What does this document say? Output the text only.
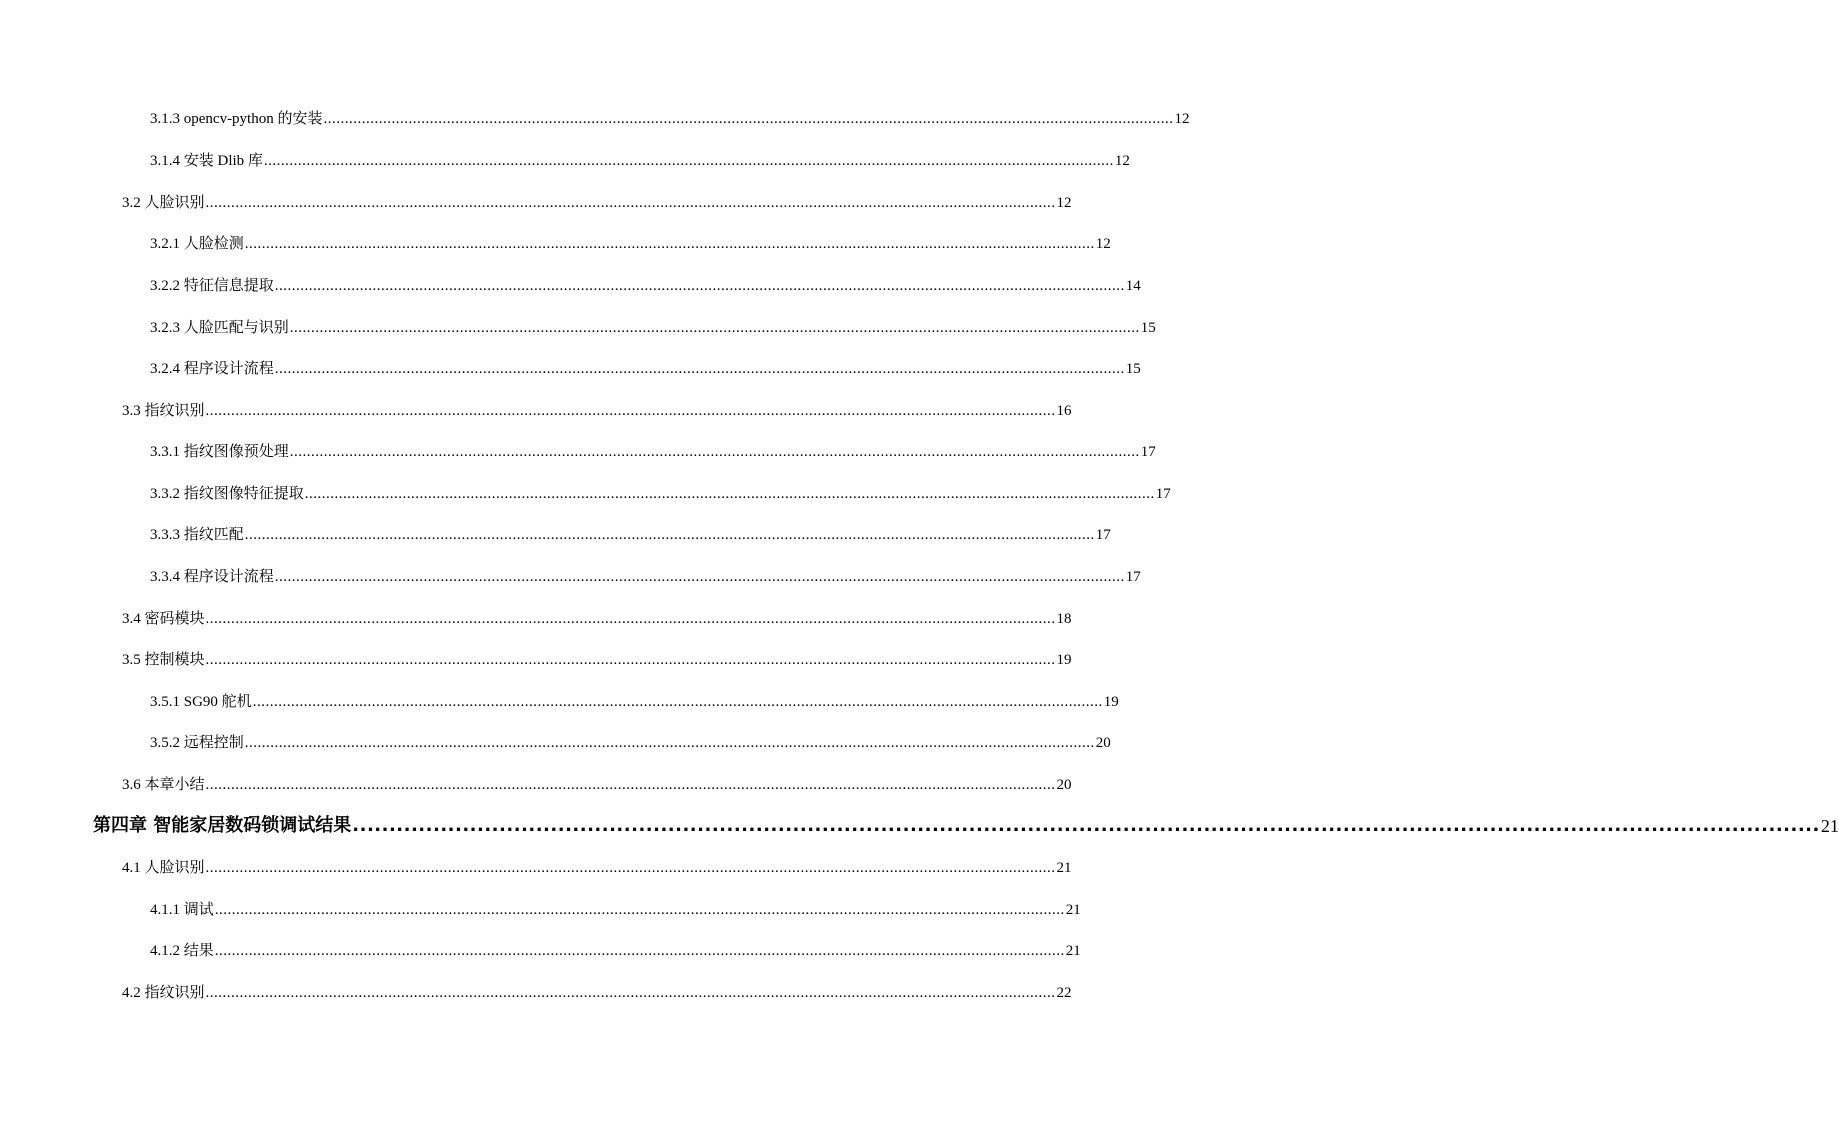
3.1.3 opencv-python 的安装 ........................................................................................................................................................................................................ 12
3.1.4 安装 Dlib 库 ........................................................................................................................................................................................................ 12
3.2 人脸识别 ........................................................................................................................................................................................................ 12
3.2.1 人脸检测 ........................................................................................................................................................................................................ 12
3.2.2 特征信息提取 ........................................................................................................................................................................................................ 14
3.2.3 人脸匹配与识别 ........................................................................................................................................................................................................ 15
3.2.4 程序设计流程 ........................................................................................................................................................................................................ 15
3.3 指纹识别 ........................................................................................................................................................................................................ 16
3.3.1 指纹图像预处理 ........................................................................................................................................................................................................ 17
3.3.2 指纹图像特征提取 ........................................................................................................................................................................................................ 17
3.3.3 指纹匹配 ........................................................................................................................................................................................................ 17
3.3.4 程序设计流程 ........................................................................................................................................................................................................ 17
3.4 密码模块 ........................................................................................................................................................................................................ 18
3.5 控制模块 ........................................................................................................................................................................................................ 19
3.5.1 SG90 舵机 ........................................................................................................................................................................................................ 19
3.5.2 远程控制 ........................................................................................................................................................................................................ 20
3.6 本章小结 ........................................................................................................................................................................................................ 20
第四章 智能家居数码锁调试结果 ........................................................................................................................................................................................................ 21
4.1 人脸识别 ........................................................................................................................................................................................................ 21
4.1.1 调试 ........................................................................................................................................................................................................ 21
4.1.2 结果 ........................................................................................................................................................................................................ 21
4.2 指纹识别 ........................................................................................................................................................................................................ 22
